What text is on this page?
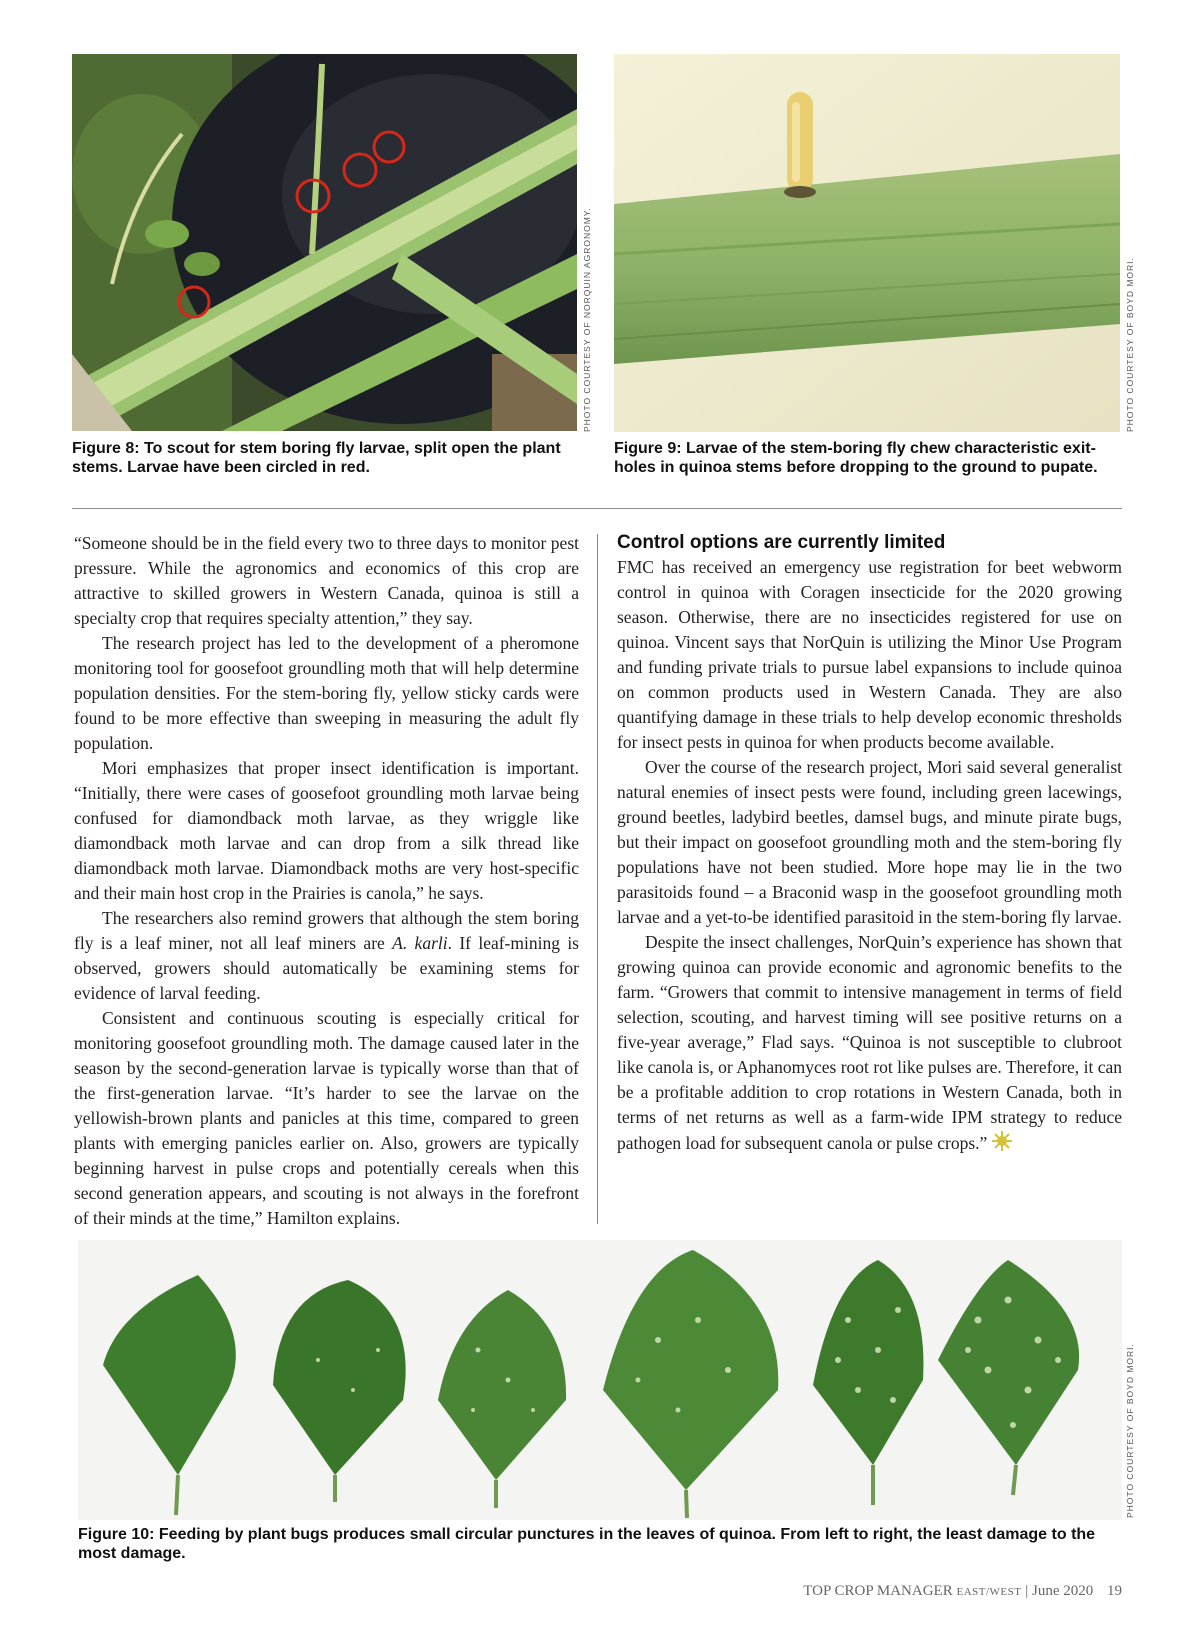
PHOTO COURTESY OF NORQUIN AGRONOMY.
Figure 8: To scout for stem boring fly larvae, split open the plant stems. Larvae have been circled in red.
PHOTO COURTESY OF BOYD MORI.
Figure 9: Larvae of the stem-boring fly chew characteristic exit-holes in quinoa stems before dropping to the ground to pupate.

“Someone should be in the field every two to three days to monitor pest pressure. While the agronomics and economics of this crop are attractive to skilled growers in Western Canada, quinoa is still a specialty crop that requires specialty attention,” they say.

The research project has led to the development of a pheromone monitoring tool for goosefoot groundling moth that will help determine population densities. For the stem-boring fly, yellow sticky cards were found to be more effective than sweeping in measuring the adult fly population.

Mori emphasizes that proper insect identification is important. “Initially, there were cases of goosefoot groundling moth larvae being confused for diamondback moth larvae, as they wriggle like diamondback moth larvae and can drop from a silk thread like diamondback moth larvae. Diamondback moths are very host-specific and their main host crop in the Prairies is canola,” he says.

The researchers also remind growers that although the stem boring fly is a leaf miner, not all leaf miners are A. karli. If leaf-mining is observed, growers should automatically be examining stems for evidence of larval feeding.

Consistent and continuous scouting is especially critical for monitoring goosefoot groundling moth. The damage caused later in the season by the second-generation larvae is typically worse than that of the first-generation larvae. “It’s harder to see the larvae on the yellowish-brown plants and panicles at this time, compared to green plants with emerging panicles earlier on. Also, growers are typically beginning harvest in pulse crops and potentially cereals when this second generation appears, and scouting is not always in the forefront of their minds at the time,” Hamilton explains.

Control options are currently limited

FMC has received an emergency use registration for beet webworm control in quinoa with Coragen insecticide for the 2020 growing season. Otherwise, there are no insecticides registered for use on quinoa. Vincent says that NorQuin is utilizing the Minor Use Program and funding private trials to pursue label expansions to include quinoa on common products used in Western Canada. They are also quantifying damage in these trials to help develop economic thresholds for insect pests in quinoa for when products become available.

Over the course of the research project, Mori said several generalist natural enemies of insect pests were found, including green lacewings, ground beetles, ladybird beetles, damsel bugs, and minute pirate bugs, but their impact on goosefoot groundling moth and the stem-boring fly populations have not been studied. More hope may lie in the two parasitoids found – a Braconid wasp in the goosefoot groundling moth larvae and a yet-to-be identified parasitoid in the stem-boring fly larvae.

Despite the insect challenges, NorQuin’s experience has shown that growing quinoa can provide economic and agronomic benefits to the farm. “Growers that commit to intensive management in terms of field selection, scouting, and harvest timing will see positive returns on a five-year average,” Flad says. “Quinoa is not susceptible to clubroot like canola is, or Aphanomyces root rot like pulses are. Therefore, it can be a profitable addition to crop rotations in Western Canada, both in terms of net returns as well as a farm-wide IPM strategy to reduce pathogen load for subsequent canola or pulse crops.”

PHOTO COURTESY OF BOYD MORI.
Figure 10: Feeding by plant bugs produces small circular punctures in the leaves of quinoa. From left to right, the least damage to the most damage.
TOP CROP MANAGER EAST/WEST | June 2020 19
